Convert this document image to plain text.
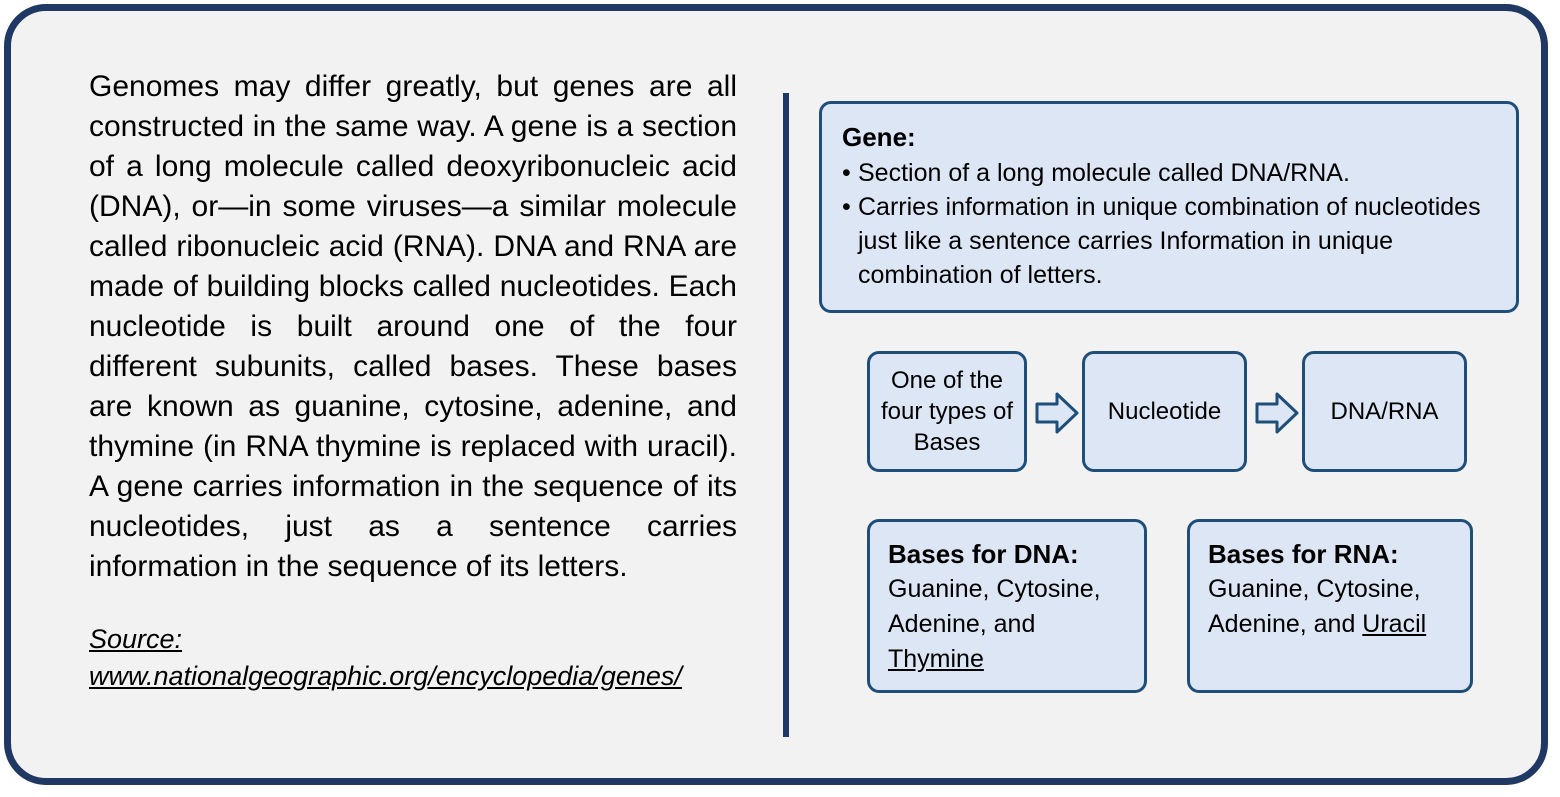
Genomes may differ greatly, but genes are all constructed in the same way. A gene is a section of a long molecule called deoxyribonucleic acid (DNA), or—in some viruses—a similar molecule called ribonucleic acid (RNA). DNA and RNA are made of building blocks called nucleotides. Each nucleotide is built around one of the four different subunits, called bases. These bases are known as guanine, cytosine, adenine, and thymine (in RNA thymine is replaced with uracil). A gene carries information in the sequence of its nucleotides, just as a sentence carries information in the sequence of its letters.

Source:
www.nationalgeographic.org/encyclopedia/genes/
Gene:
• Section of a long molecule called DNA/RNA.
• Carries information in unique combination of nucleotides just like a sentence carries Information in unique combination of letters.
One of the four types of Bases
Nucleotide	DNA/RNA
Bases for DNA:
Guanine, Cytosine, Adenine, and Thymine
Bases for RNA:
Guanine, Cytosine, Adenine, and Uracil
